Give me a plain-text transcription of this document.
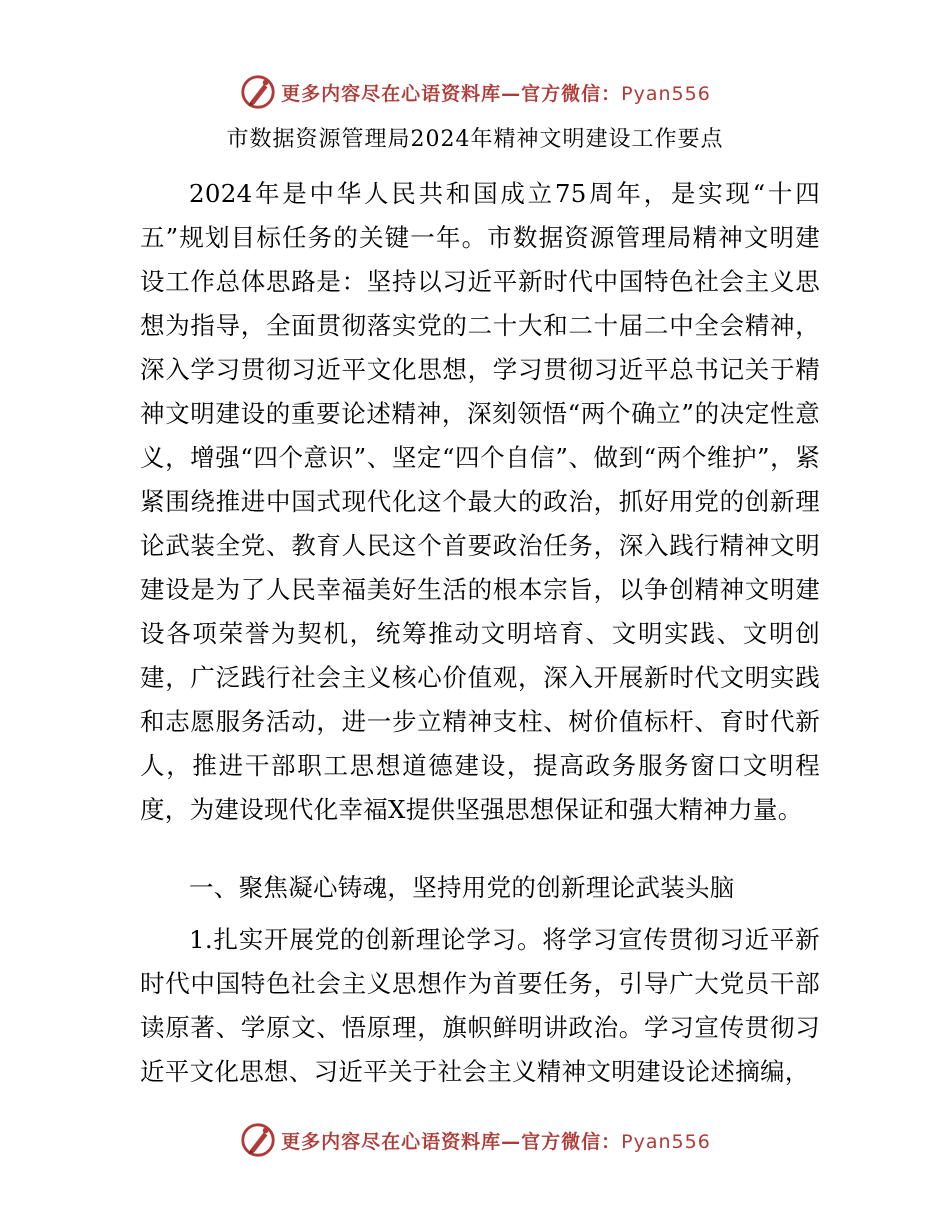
更多内容尽在心语资料库—官方微信：Pyan556
市数据资源管理局2024年精神文明建设工作要点

2024年是中华人民共和国成立75周年，是实现“十四五”规划目标任务的关键一年。市数据资源管理局精神文明建设工作总体思路是：坚持以习近平新时代中国特色社会主义思想为指导，全面贯彻落实党的二十大和二十届二中全会精神，深入学习贯彻习近平文化思想，学习贯彻习近平总书记关于精神文明建设的重要论述精神，深刻领悟“两个确立”的决定性意义，增强“四个意识”、坚定“四个自信”、做到“两个维护”，紧紧围绕推进中国式现代化这个最大的政治，抓好用党的创新理论武装全党、教育人民这个首要政治任务，深入践行精神文明建设是为了人民幸福美好生活的根本宗旨，以争创精神文明建设各项荣誉为契机，统筹推动文明培育、文明实践、文明创建，广泛践行社会主义核心价值观，深入开展新时代文明实践和志愿服务活动，进一步立精神支柱、树价值标杆、育时代新人，推进干部职工思想道德建设，提高政务服务窗口文明程度，为建设现代化幸福X提供坚强思想保证和强大精神力量。

一、聚焦凝心铸魂，坚持用党的创新理论武装头脑

1.扎实开展党的创新理论学习。将学习宣传贯彻习近平新时代中国特色社会主义思想作为首要任务，引导广大党员干部读原著、学原文、悟原理，旗帜鲜明讲政治。学习宣传贯彻习近平文化思想、习近平关于社会主义精神文明建设论述摘编，

更多内容尽在心语资料库—官方微信：Pyan556
